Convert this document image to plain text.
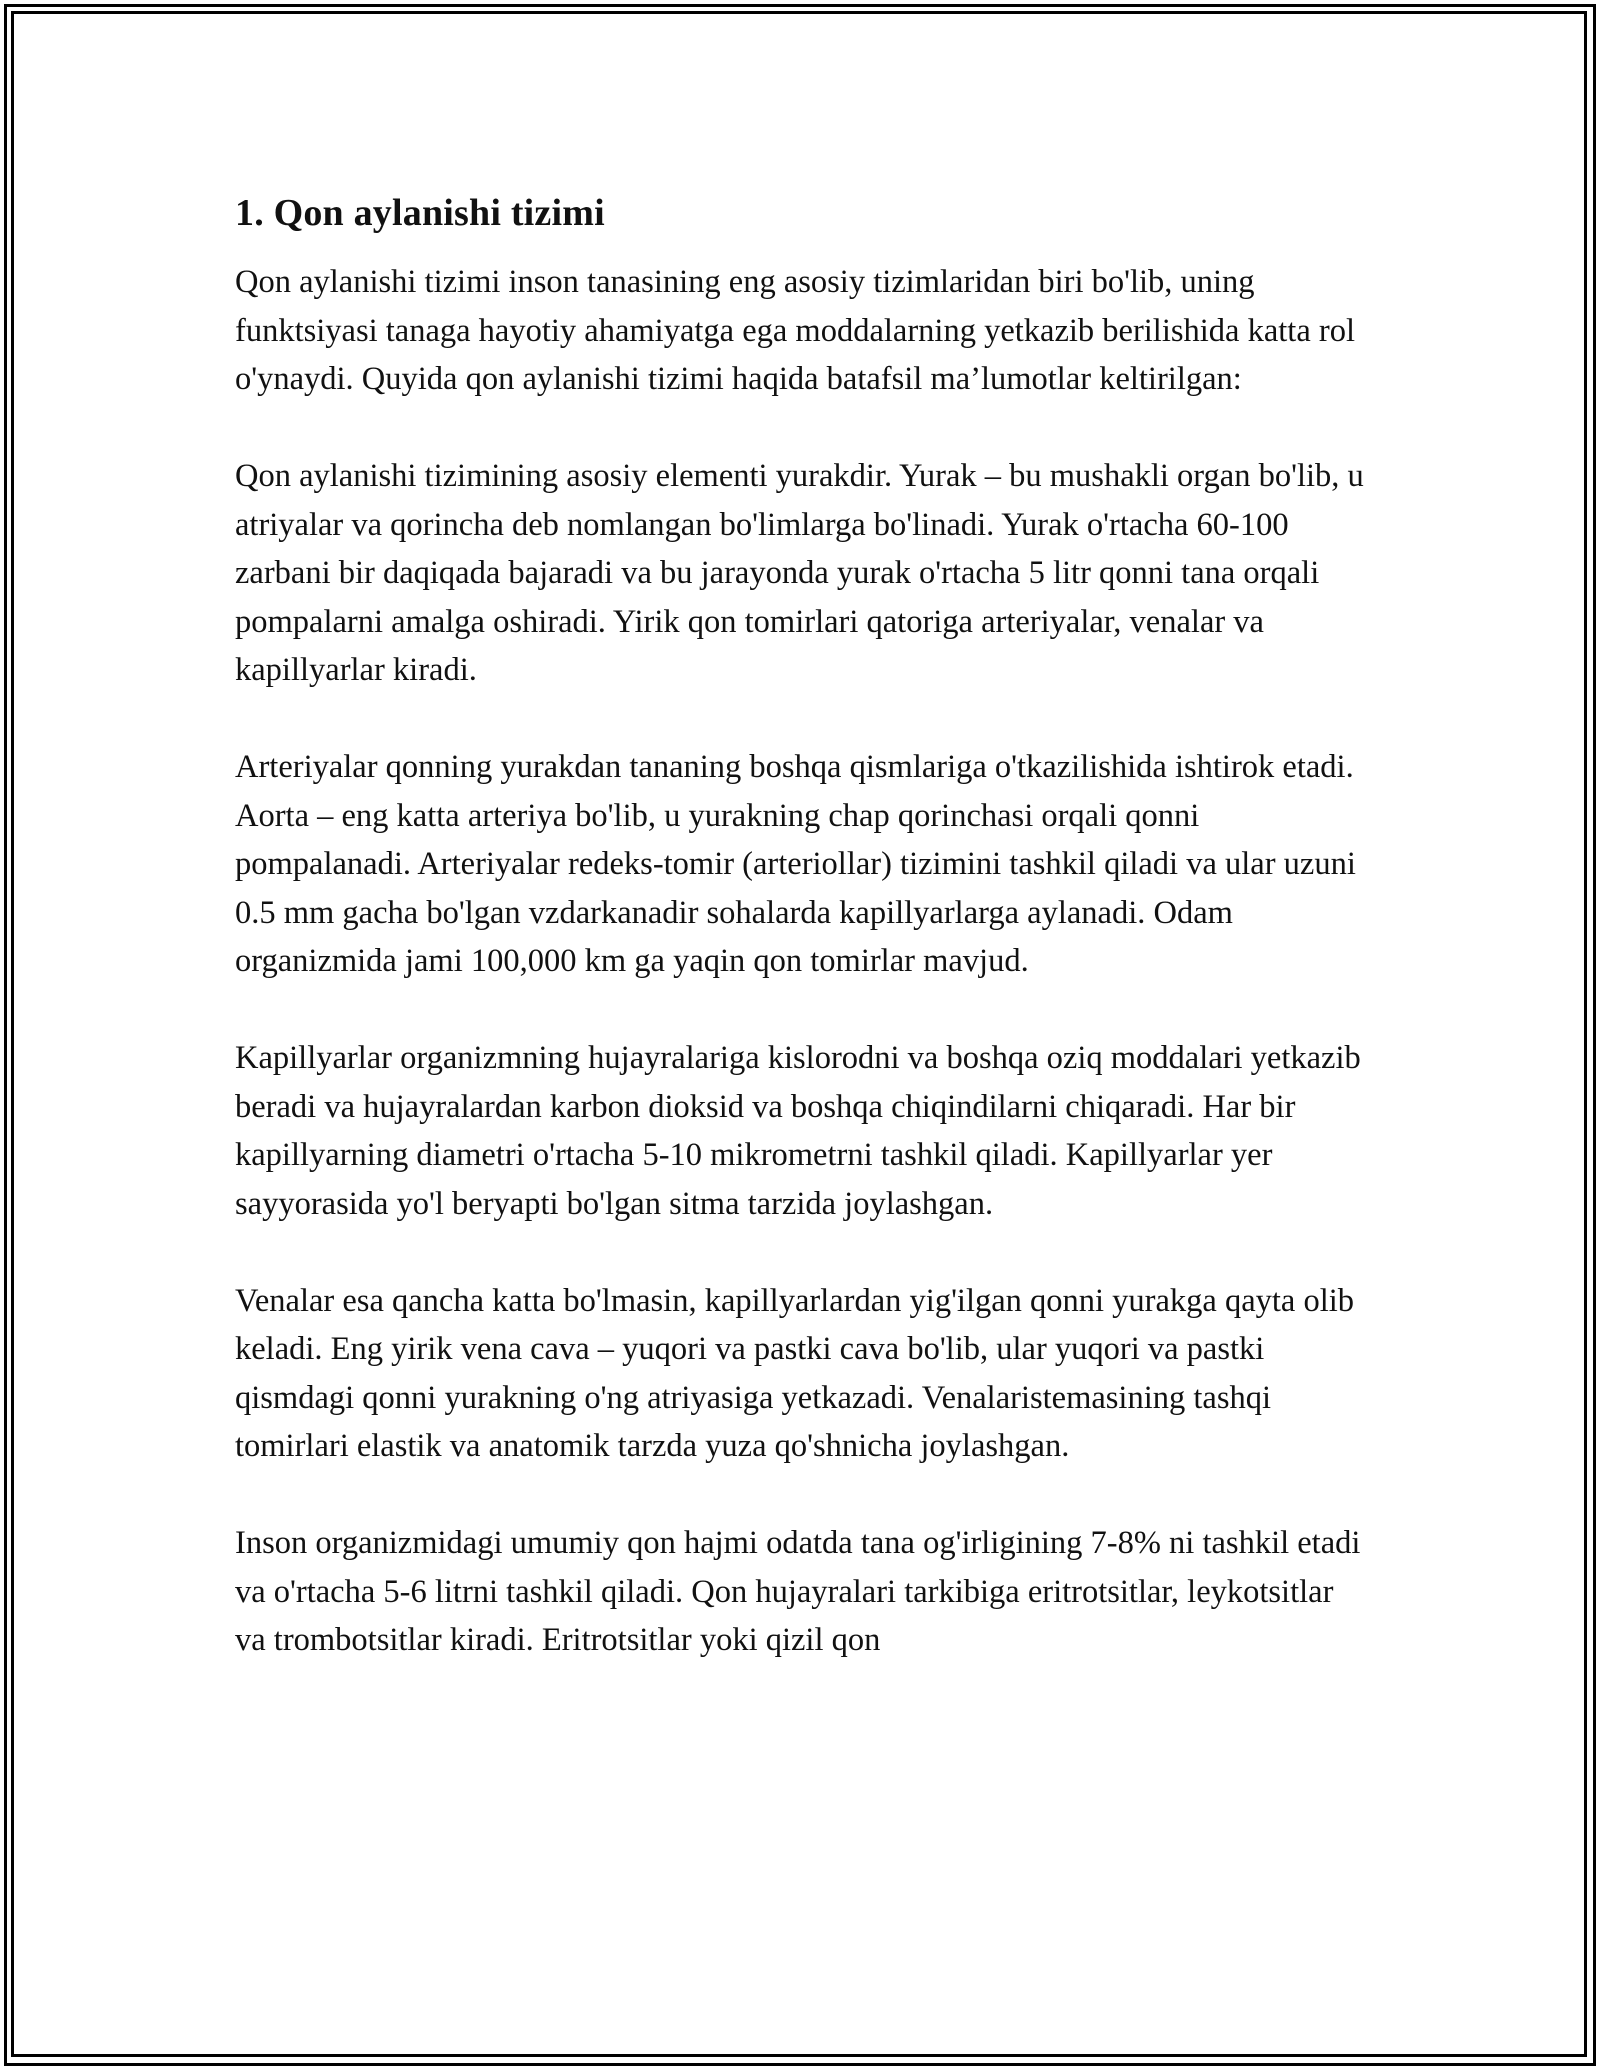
1. Qon aylanishi tizimi

Qon aylanishi tizimi inson tanasining eng asosiy tizimlaridan biri bo'lib, uning funktsiyasi tanaga hayotiy ahamiyatga ega moddalarning yetkazib berilishida katta rol o'ynaydi. Quyida qon aylanishi tizimi haqida batafsil ma’lumotlar keltirilgan:

Qon aylanishi tizimining asosiy elementi yurakdir. Yurak – bu mushakli organ bo'lib, u atriyalar va qorincha deb nomlangan bo'limlarga bo'linadi. Yurak o'rtacha 60-100 zarbani bir daqiqada bajaradi va bu jarayonda yurak o'rtacha 5 litr qonni tana orqali pompalarni amalga oshiradi. Yirik qon tomirlari qatoriga arteriyalar, venalar va kapillyarlar kiradi.

Arteriyalar qonning yurakdan tananing boshqa qismlariga o'tkazilishida ishtirok etadi. Aorta – eng katta arteriya bo'lib, u yurakning chap qorinchasi orqali qonni pompalanadi. Arteriyalar redeks-tomir (arteriollar) tizimini tashkil qiladi va ular uzuni 0.5 mm gacha bo'lgan vzdarkanadir sohalarda kapillyarlarga aylanadi. Odam organizmida jami 100,000 km ga yaqin qon tomirlar mavjud.

Kapillyarlar organizmning hujayralariga kislorodni va boshqa oziq moddalari yetkazib beradi va hujayralardan karbon dioksid va boshqa chiqindilarni chiqaradi. Har bir kapillyarning diametri o'rtacha 5-10 mikrometrni tashkil qiladi. Kapillyarlar yer sayyorasida yo'l beryapti bo'lgan sitma tarzida joylashgan.

Venalar esa qancha katta bo'lmasin, kapillyarlardan yig'ilgan qonni yurakga qayta olib keladi. Eng yirik vena cava – yuqori va pastki cava bo'lib, ular yuqori va pastki qismdagi qonni yurakning o'ng atriyasiga yetkazadi. Venalaristemasining tashqi tomirlari elastik va anatomik tarzda yuza qo'shnicha joylashgan.

Inson organizmidagi umumiy qon hajmi odatda tana og'irligining 7-8% ni tashkil etadi va o'rtacha 5-6 litrni tashkil qiladi. Qon hujayralari tarkibiga eritrotsitlar, leykotsitlar va trombotsitlar kiradi. Eritrotsitlar yoki qizil qon
